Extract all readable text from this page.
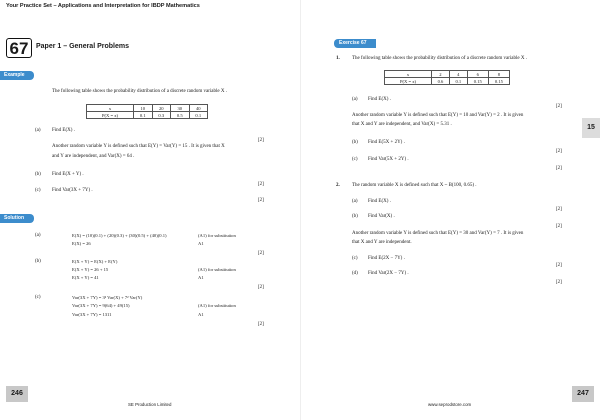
Your Practice Set – Applications and Interpretation for IBDP Mathematics
67	Paper 1 – General Problems
Example
The following table shows the probability distribution of a discrete random variable X .
x	10	20	30	40
P(X = x)	0.1	0.3	0.5	0.1
(a) Find E(X) .
[2]
Another random variable Y is defined such that E(Y) = Var(Y) = 15 . It is given that X
and Y are independent, and Var(X) = 64 .
(b) Find E(X + Y) .
[2]
(c) Find Var(3X + 7Y) .
[2]
Solution
(a)	E(X) = (10)(0.1) + (20)(0.3) + (30)(0.5) + (40)(0.1)	(A1) for substitution
E(X) = 26	A1
[2]
(b)	E(X + Y) = E(X) + E(Y)
E(X + Y) = 26 + 15	(A1) for substitution
E(X + Y) = 41	A1
[2]
(c)	Var(3X + 7Y) = 3² Var(X) + 7² Var(Y)
Var(3X + 7Y) = 9(64) + 49(15)	(A1) for substitution
Var(3X + 7Y) = 1311	A1
[2]
246
SE Production Limited
Exercise 67
1. The following table shows the probability distribution of a discrete random variable X .
x	2	4	6	8
P(X = x)	0.6	0.1	0.15	0.15
(a) Find E(X) .
[2]
Another random variable Y is defined such that E(Y) = 10 and Var(Y) = 2 . It is given
that X and Y are independent, and Var(X) = 5.31 .
(b) Find E(5X + 2Y) .
[2]
(c) Find Var(5X + 2Y) .
[2]
2. The random variable X is defined such that X ~ B(100, 0.65) .
(a) Find E(X) .
[2]
(b) Find Var(X) .
[2]
Another random variable Y is defined such that E(Y) = 30 and Var(Y) = 7 . It is given
that X and Y are independent.
(c) Find E(2X − 7Y) .
[2]
(d) Find Var(2X − 7Y) .
[2]
15
247
www.seprodstore.com
